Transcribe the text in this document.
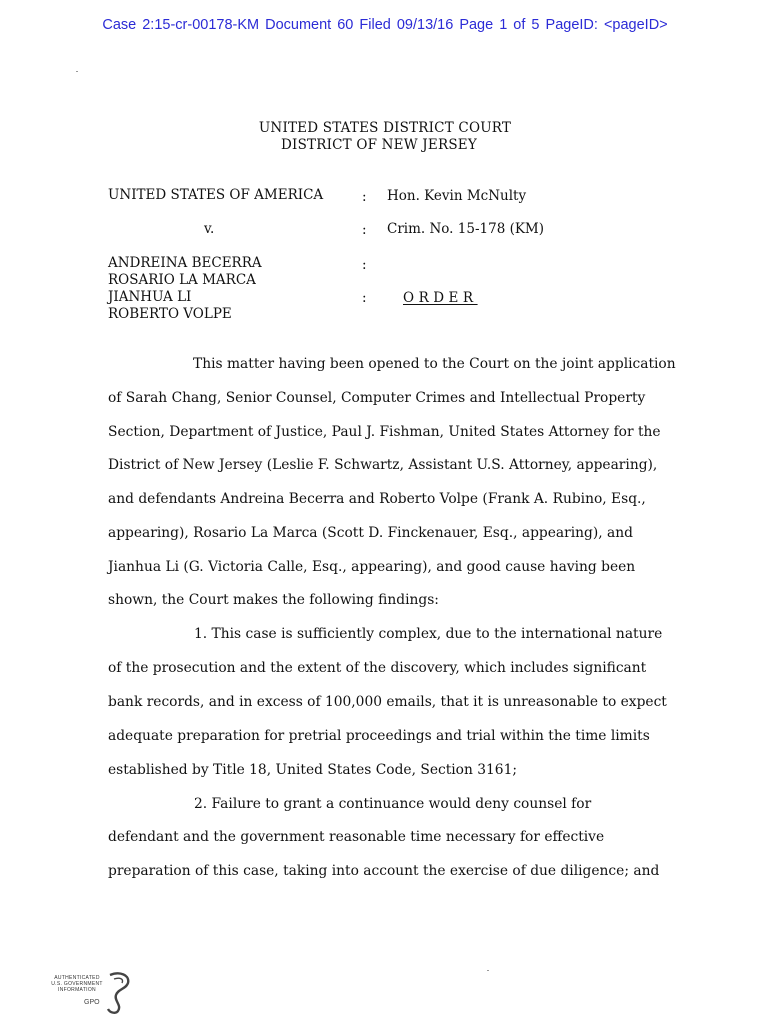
Case 2:15-cr-00178-KM Document 60 Filed 09/13/16 Page 1 of 5 PageID: <pageID>
UNITED STATES DISTRICT COURT
DISTRICT OF NEW JERSEY
UNITED STATES OF AMERICA
v.
ANDREINA BECERRA
ROSARIO LA MARCA
JIANHUA LI
ROBERTO VOLPE
:
:
:
:
Hon. Kevin McNulty
Crim. No. 15-178 (KM)
ORDER
This matter having been opened to the Court on the joint application
of Sarah Chang, Senior Counsel, Computer Crimes and Intellectual Property
Section, Department of Justice, Paul J. Fishman, United States Attorney for the
District of New Jersey (Leslie F. Schwartz, Assistant U.S. Attorney, appearing),
and defendants Andreina Becerra and Roberto Volpe (Frank A. Rubino, Esq.,
appearing), Rosario La Marca (Scott D. Finckenauer, Esq., appearing), and
Jianhua Li (G. Victoria Calle, Esq., appearing), and good cause having been
shown, the Court makes the following findings:
1. This case is sufficiently complex, due to the international nature
of the prosecution and the extent of the discovery, which includes significant
bank records, and in excess of 100,000 emails, that it is unreasonable to expect
adequate preparation for pretrial proceedings and trial within the time limits
established by Title 18, United States Code, Section 3161;
2. Failure to grant a continuance would deny counsel for
defendant and the government reasonable time necessary for effective
preparation of this case, taking into account the exercise of due diligence; and
AUTHENTICATED
U.S. GOVERNMENT
INFORMATION
GPO
